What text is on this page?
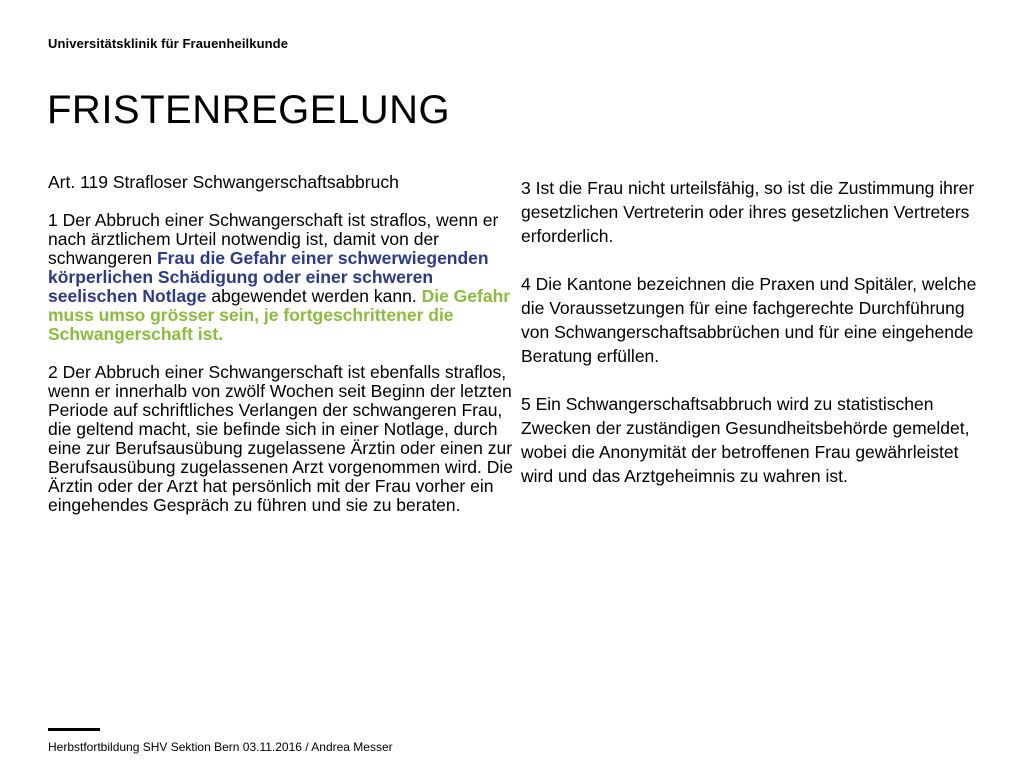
Universitätsklinik für Frauenheilkunde
FRISTENREGELUNG

Art. 119 Strafloser Schwangerschaftsabbruch

1 Der Abbruch einer Schwangerschaft ist straflos, wenn er nach ärztlichem Urteil notwendig ist, damit von der schwangeren Frau die Gefahr einer schwerwiegenden körperlichen Schädigung oder einer schweren seelischen Notlage abgewendet werden kann. Die Gefahr muss umso grösser sein, je fortgeschrittener die Schwangerschaft ist.

2 Der Abbruch einer Schwangerschaft ist ebenfalls straflos, wenn er innerhalb von zwölf Wochen seit Beginn der letzten Periode auf schriftliches Verlangen der schwangeren Frau, die geltend macht, sie befinde sich in einer Notlage, durch eine zur Berufsausübung zugelassene Ärztin oder einen zur Berufsausübung zugelassenen Arzt vorgenommen wird. Die Ärztin oder der Arzt hat persönlich mit der Frau vorher ein eingehendes Gespräch zu führen und sie zu beraten.

3 Ist die Frau nicht urteilsfähig, so ist die Zustimmung ihrer gesetzlichen Vertreterin oder ihres gesetzlichen Vertreters erforderlich.

4 Die Kantone bezeichnen die Praxen und Spitäler, welche die Voraussetzungen für eine fachgerechte Durchführung von Schwangerschaftsabbrüchen und für eine eingehende Beratung erfüllen.

5 Ein Schwangerschaftsabbruch wird zu statistischen Zwecken der zuständigen Gesundheitsbehörde gemeldet, wobei die Anonymität der betroffenen Frau gewährleistet wird und das Arztgeheimnis zu wahren ist.

Herbstfortbildung SHV Sektion Bern 03.11.2016 / Andrea Messer
